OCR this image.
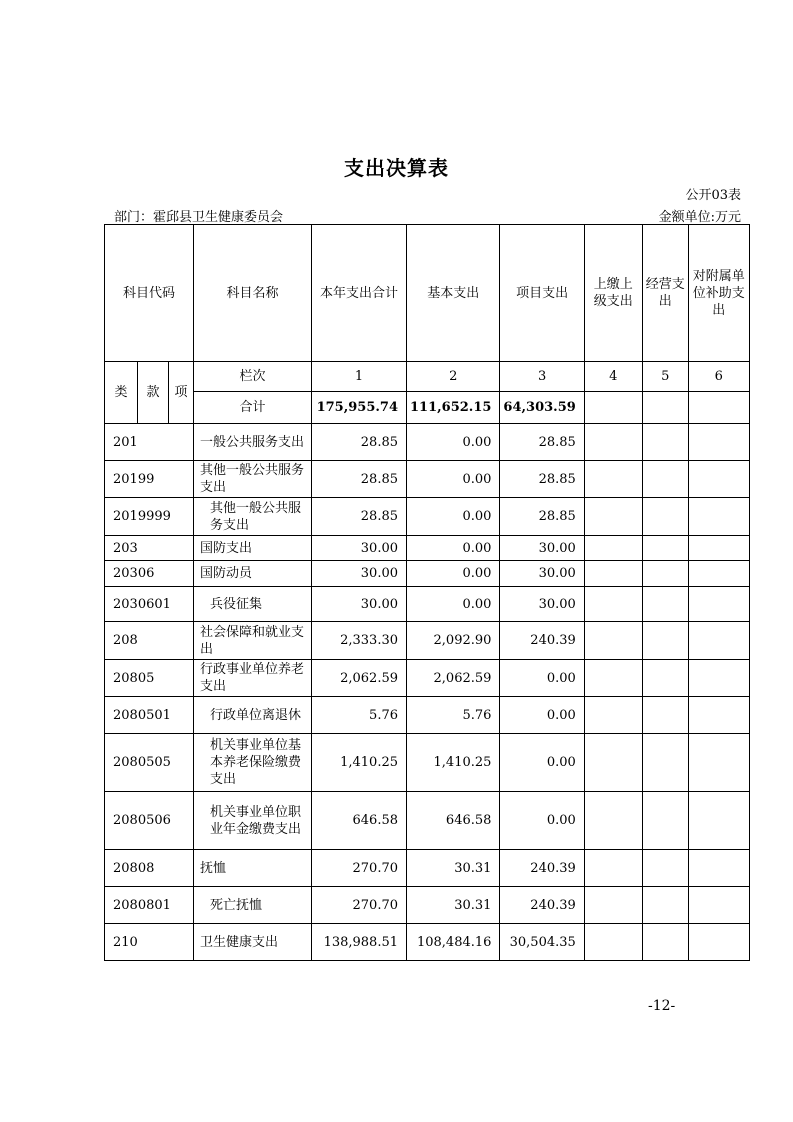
支出决算表
公开03表
部门：霍邱县卫生健康委员会	金额单位:万元
科目代码			科目名称	本年支出合计	基本支出	项目支出	上缴上级支出	经营支出	对附属单位补助支出
类	款	项	栏次	1	2	3	4	5	6
			合计	175,955.74	111,652.15	64,303.59			
201			一般公共服务支出	28.85	0.00	28.85			
20199			其他一般公共服务支出	28.85	0.00	28.85			
2019999			其他一般公共服务支出	28.85	0.00	28.85			
203			国防支出	30.00	0.00	30.00			
20306			国防动员	30.00	0.00	30.00			
2030601			兵役征集	30.00	0.00	30.00			
208			社会保障和就业支出	2,333.30	2,092.90	240.39			
20805			行政事业单位养老支出	2,062.59	2,062.59	0.00			
2080501			行政单位离退休	5.76	5.76	0.00			
2080505			机关事业单位基本养老保险缴费支出	1,410.25	1,410.25	0.00			
2080506			机关事业单位职业年金缴费支出	646.58	646.58	0.00			
20808			抚恤	270.70	30.31	240.39			
2080801			死亡抚恤	270.70	30.31	240.39			
210			卫生健康支出	138,988.51	108,484.16	30,504.35			
-12-
